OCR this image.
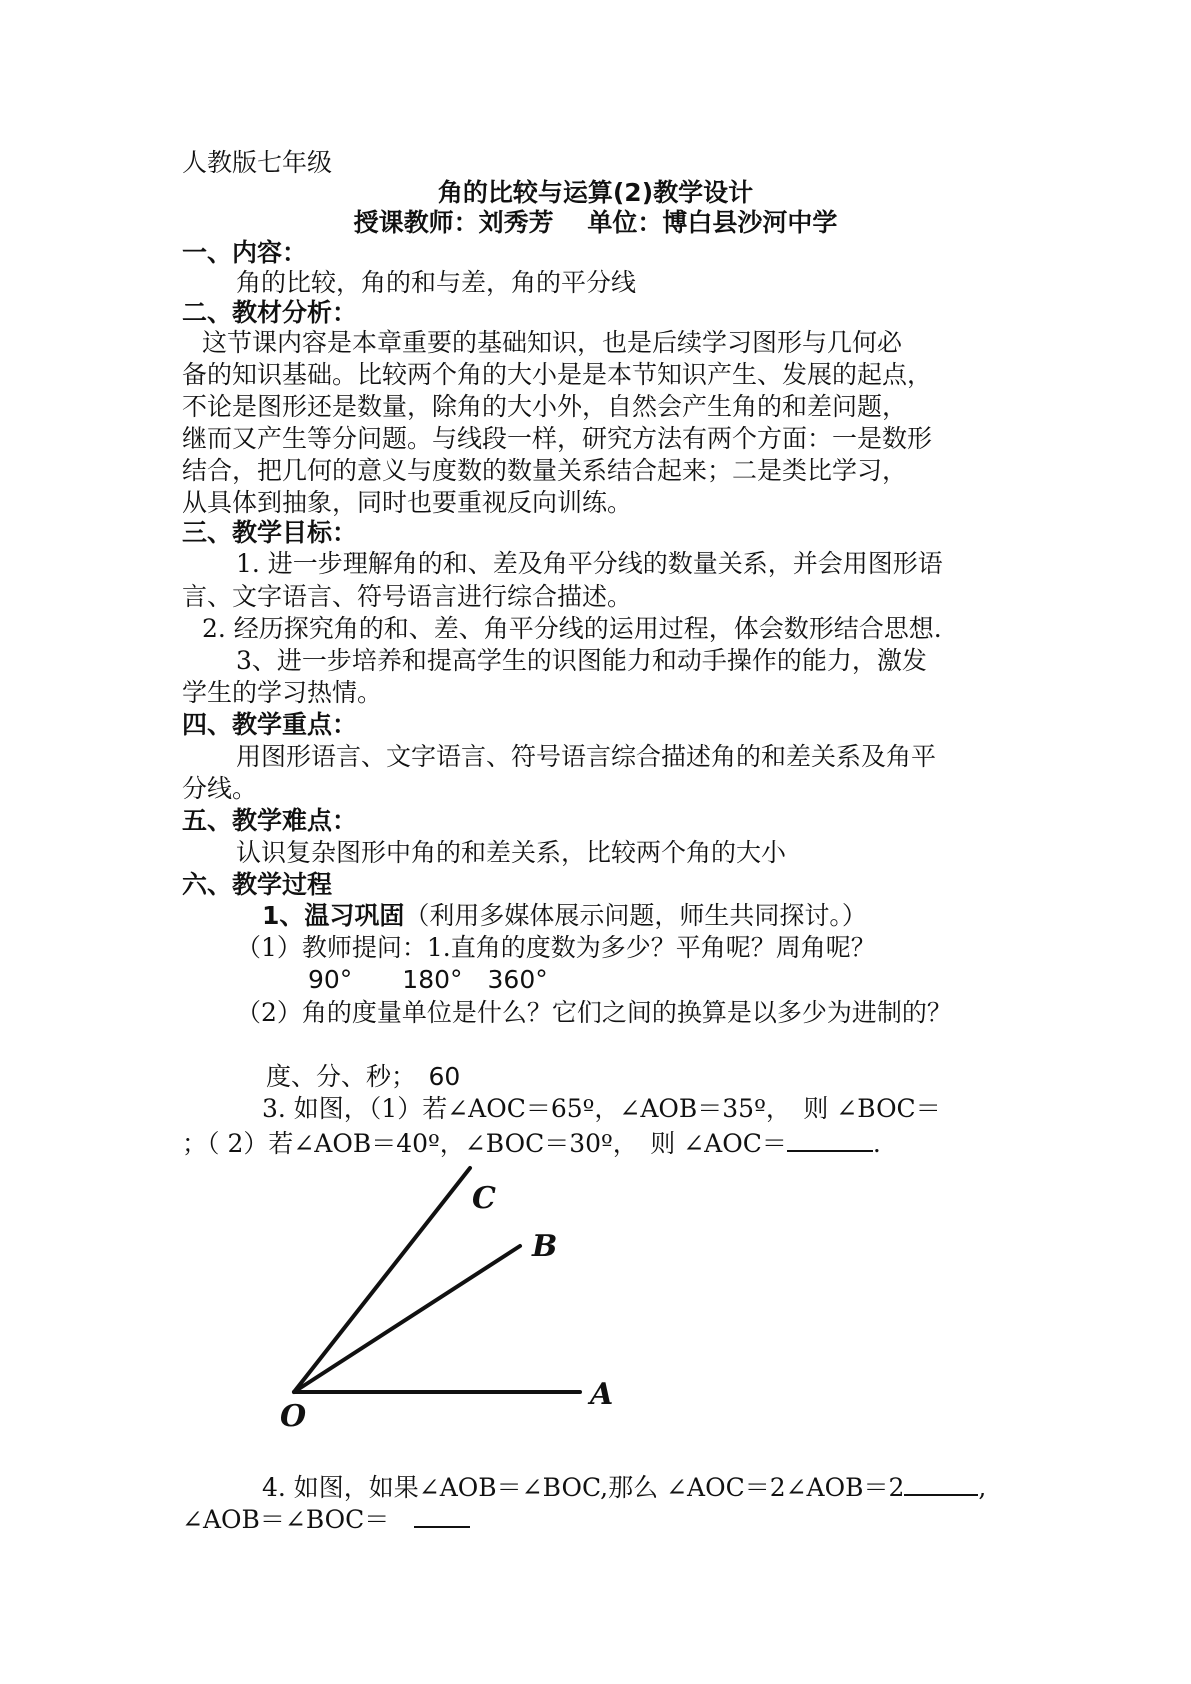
人教版七年级
角的比较与运算(2)教学设计
授课教师：刘秀芳　 单位：博白县沙河中学
一、内容：
角的比较，角的和与差，角的平分线
二、教材分析：
这节课内容是本章重要的基础知识，也是后续学习图形与几何必
备的知识基础。比较两个角的大小是是本节知识产生、发展的起点，
不论是图形还是数量，除角的大小外，自然会产生角的和差问题，
继而又产生等分问题。与线段一样，研究方法有两个方面：一是数形
结合，把几何的意义与度数的数量关系结合起来；二是类比学习，
从具体到抽象，同时也要重视反向训练。
三、教学目标：
1. 进一步理解角的和、差及角平分线的数量关系，并会用图形语
言、文字语言、符号语言进行综合描述。
2. 经历探究角的和、差、角平分线的运用过程，体会数形结合思想.
3、进一步培养和提高学生的识图能力和动手操作的能力，激发
学生的学习热情。
四、教学重点：
用图形语言、文字语言、符号语言综合描述角的和差关系及角平
分线。
五、教学难点：
认识复杂图形中角的和差关系，比较两个角的大小
六、教学过程
1、温习巩固（利用多媒体展示问题，师生共同探讨。）
（1）教师提问：1.直角的度数为多少？平角呢？周角呢？
90°　　180°　360°
（2）角的度量单位是什么？它们之间的换算是以多少为进制的？
度、分、秒；　 60
3. 如图，（1）若∠AOC＝65º，∠AOB＝35º，　则 ∠BOC＝
；（ 2）若∠AOB＝40º，∠BOC＝30º，　则 ∠AOC＝	.
C
B
A
O
4. 如图，如果∠AOB＝∠BOC,那么 ∠AOC＝2∠AOB＝2	,
∠AOB＝∠BOC＝　
